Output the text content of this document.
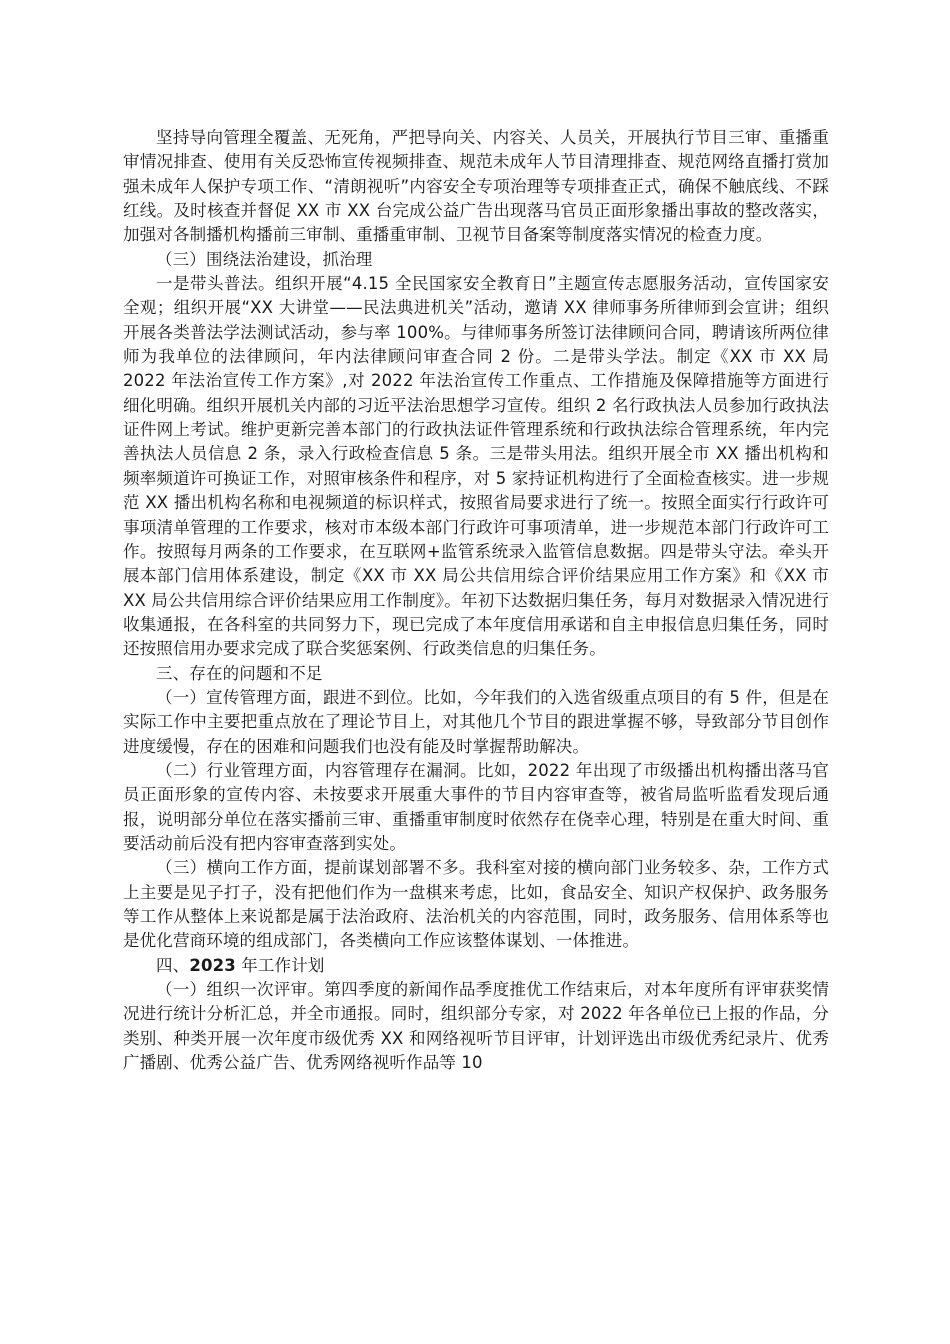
坚持导向管理全覆盖、无死角，严把导向关、内容关、人员关，开展执行节目三审、重播重审情况排查、使用有关反恐怖宣传视频排查、规范未成年人节目清理排查、规范网络直播打赏加强未成年人保护专项工作、“清朗视听”内容安全专项治理等专项排查正式，确保不触底线、不踩红线。及时核查并督促 XX 市 XX 台完成公益广告出现落马官员正面形象播出事故的整改落实，加强对各制播机构播前三审制、重播重审制、卫视节目备案等制度落实情况的检查力度。

（三）围绕法治建设，抓治理

一是带头普法。组织开展“4.15 全民国家安全教育日”主题宣传志愿服务活动，宣传国家安全观；组织开展“XX 大讲堂——民法典进机关”活动，邀请 XX 律师事务所律师到会宣讲；组织开展各类普法学法测试活动，参与率 100%。与律师事务所签订法律顾问合同，聘请该所两位律师为我单位的法律顾问，年内法律顾问审查合同 2 份。二是带头学法。制定《XX 市 XX 局 2022 年法治宣传工作方案》,对 2022 年法治宣传工作重点、工作措施及保障措施等方面进行细化明确。组织开展机关内部的习近平法治思想学习宣传。组织 2 名行政执法人员参加行政执法证件网上考试。维护更新完善本部门的行政执法证件管理系统和行政执法综合管理系统，年内完善执法人员信息 2 条，录入行政检查信息 5 条。三是带头用法。组织开展全市 XX 播出机构和频率频道许可换证工作，对照审核条件和程序，对 5 家持证机构进行了全面检查核实。进一步规范 XX 播出机构名称和电视频道的标识样式，按照省局要求进行了统一。按照全面实行行政许可事项清单管理的工作要求，核对市本级本部门行政许可事项清单，进一步规范本部门行政许可工作。按照每月两条的工作要求，在互联网+监管系统录入监管信息数据。四是带头守法。牵头开展本部门信用体系建设，制定《XX 市 XX 局公共信用综合评价结果应用工作方案》和《XX 市 XX 局公共信用综合评价结果应用工作制度》。年初下达数据归集任务，每月对数据录入情况进行收集通报，在各科室的共同努力下，现已完成了本年度信用承诺和自主申报信息归集任务，同时还按照信用办要求完成了联合奖惩案例、行政类信息的归集任务。

三、存在的问题和不足

（一）宣传管理方面，跟进不到位。比如，今年我们的入选省级重点项目的有 5 件，但是在实际工作中主要把重点放在了理论节目上，对其他几个节目的跟进掌握不够，导致部分节目创作进度缓慢，存在的困难和问题我们也没有能及时掌握帮助解决。

（二）行业管理方面，内容管理存在漏洞。比如，2022 年出现了市级播出机构播出落马官员正面形象的宣传内容、未按要求开展重大事件的节目内容审查等，被省局监听监看发现后通报，说明部分单位在落实播前三审、重播重审制度时依然存在侥幸心理，特别是在重大时间、重要活动前后没有把内容审查落到实处。

（三）横向工作方面，提前谋划部署不多。我科室对接的横向部门业务较多、杂，工作方式上主要是见子打子，没有把他们作为一盘棋来考虑，比如，食品安全、知识产权保护、政务服务等工作从整体上来说都是属于法治政府、法治机关的内容范围，同时，政务服务、信用体系等也是优化营商环境的组成部门，各类横向工作应该整体谋划、一体推进。

四、2023 年工作计划

（一）组织一次评审。第四季度的新闻作品季度推优工作结束后，对本年度所有评审获奖情况进行统计分析汇总，并全市通报。同时，组织部分专家，对 2022 年各单位已上报的作品，分类别、种类开展一次年度市级优秀 XX 和网络视听节目评审，计划评选出市级优秀纪录片、优秀广播剧、优秀公益广告、优秀网络视听作品等 10
